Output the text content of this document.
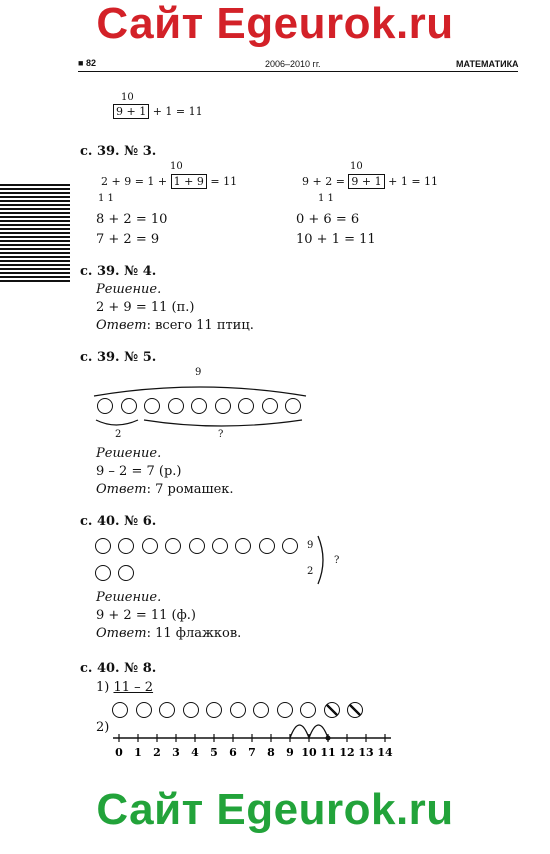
Сайт Egeurok.ru
■ 82	2006–2010 гг.	МАТЕМАТИКА
10
9 + 1 + 1 = 11
с. 39. № 3.
10
2 + 9 = 1 + 1 + 9 = 11
1 1
8 + 2 = 10
7 + 2 = 9
10
9 + 2 = 9 + 1 + 1 = 11
1 1
0 + 6 = 6
10 + 1 = 11
с. 39. № 4.
Решение.
2 + 9 = 11 (п.)
Ответ: всего 11 птиц.
с. 39. № 5.
9
2	?
Решение.
9 – 2 = 7 (р.)
Ответ: 7 ромашек.
с. 40. № 6.
9
2
?
Решение.
9 + 2 = 11 (ф.)
Ответ: 11 флажков.
с. 40. № 8.
1) 11 – 2
2)
0 1 2 3 4 5 6 7 8 9 10 11 12 13 14
Сайт Egeurok.ru
